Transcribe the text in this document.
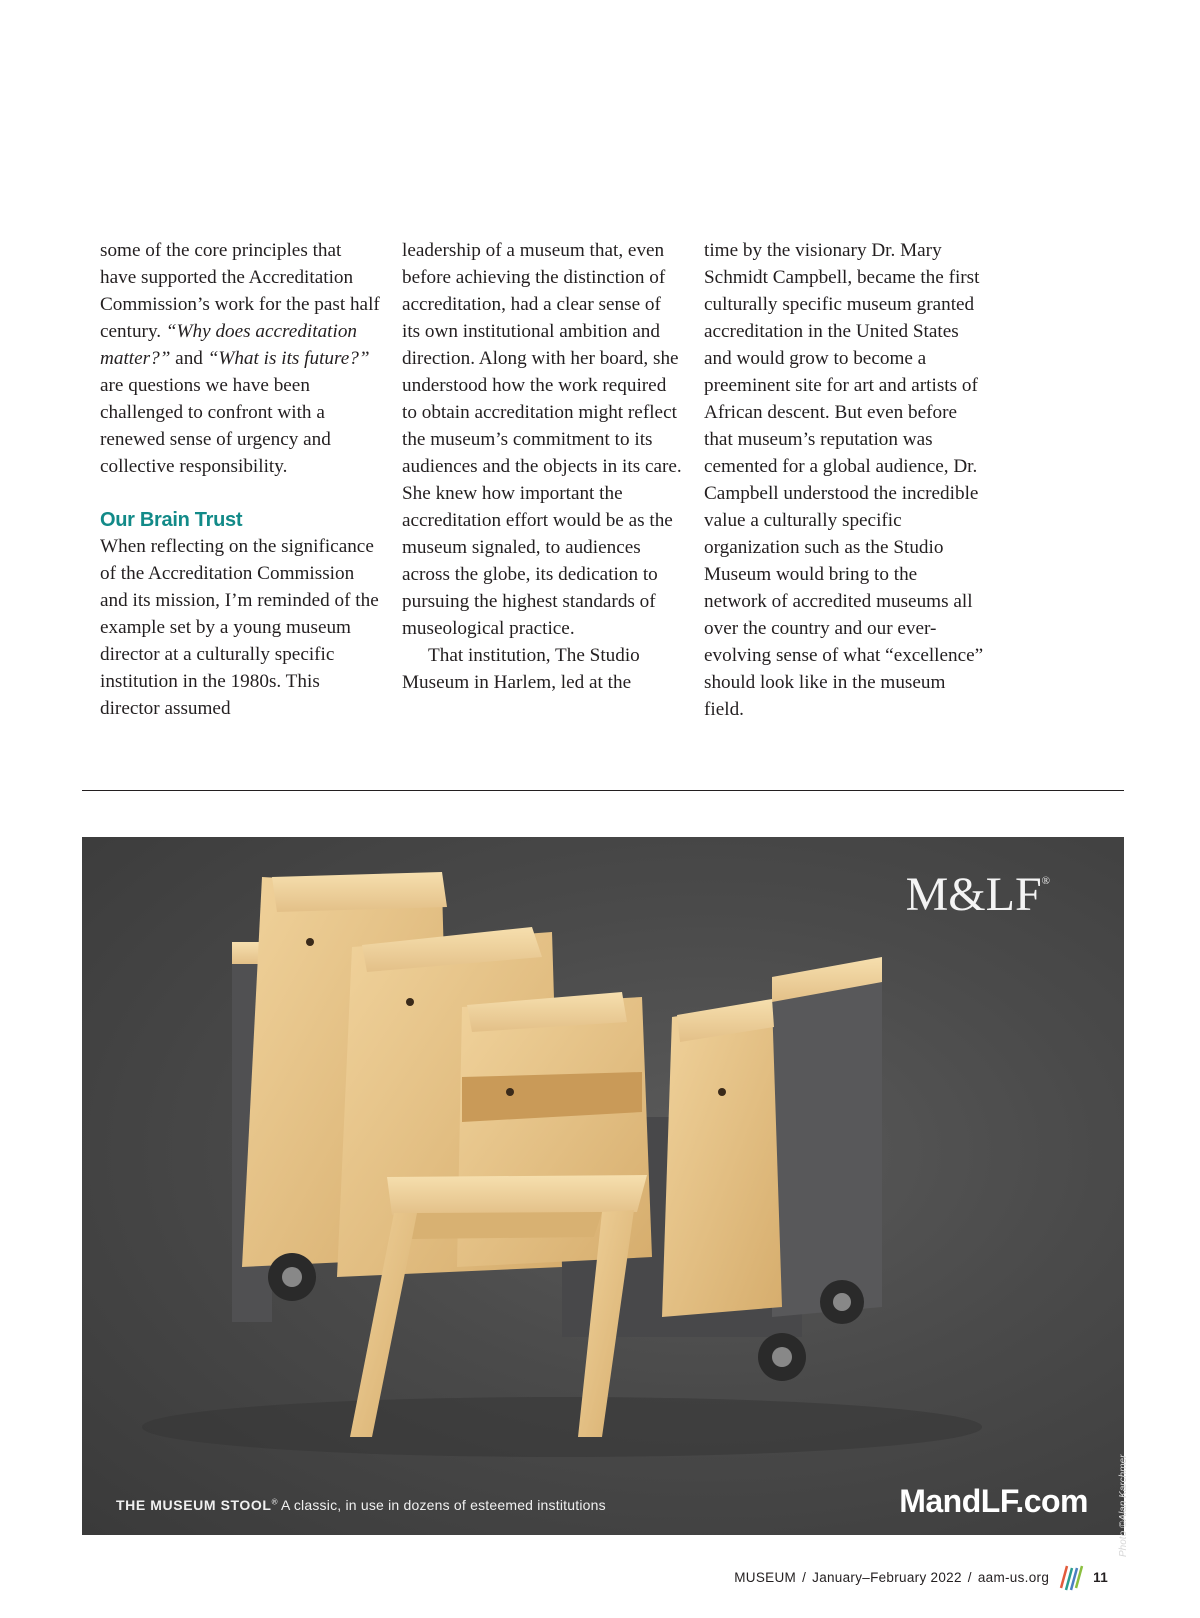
some of the core principles that have supported the Accreditation Commission’s work for the past half century. “Why does accreditation matter?” and “What is its future?” are questions we have been challenged to confront with a renewed sense of urgency and collective responsibility.

Our Brain Trust

When reflecting on the significance of the Accreditation Commission and its mission, I’m reminded of the example set by a young museum director at a culturally specific institution in the 1980s. This director assumed

leadership of a museum that, even before achieving the distinction of accreditation, had a clear sense of its own institutional ambition and direction. Along with her board, she understood how the work required to obtain accreditation might reflect the museum’s commitment to its audiences and the objects in its care. She knew how important the accreditation effort would be as the museum signaled, to audiences across the globe, its dedication to pursuing the highest standards of museological practice.

That institution, The Studio Museum in Harlem, led at the

time by the visionary Dr. Mary Schmidt Campbell, became the first culturally specific museum granted accreditation in the United States and would grow to become a preeminent site for art and artists of African descent. But even before that museum’s reputation was cemented for a global audience, Dr. Campbell understood the incredible value a culturally specific organization such as the Studio Museum would bring to the network of accredited museums all over the country and our ever-evolving sense of what “excellence” should look like in the museum field.

M&LF®
THE MUSEUM STOOL® A classic, in use in dozens of esteemed institutions	MandLF.com	Photo ©Alan Karchmer
MUSEUM / January–February 2022 / aam-us.org	11
